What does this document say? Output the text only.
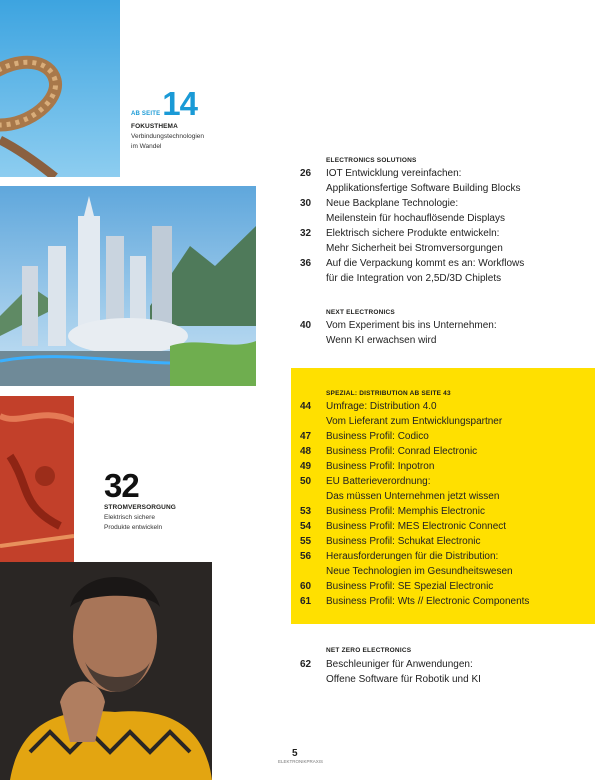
AB SEITE14
FOKUSTHEMA
Verbindungstechnologien
im Wandel
32
STROMVERSORGUNG
Elektrisch sichere
Produkte entwickeln
ELECTRONICS SOLUTIONS
26	IOT Entwicklung vereinfachen:
Applikationsfertige Software Building Blocks
30	Neue Backplane Technologie:
Meilenstein für hochauflösende Displays
32	Elektrisch sichere Produkte entwickeln:
Mehr Sicherheit bei Stromversorgungen
36	Auf die Verpackung kommt es an: Workflows
für die Integration von 2,5D/3D Chiplets
NEXT ELECTRONICS
40	Vom Experiment bis ins Unternehmen:
Wenn KI erwachsen wird
SPEZIAL: DISTRIBUTION AB SEITE 43
44	Umfrage: Distribution 4.0
Vom Lieferant zum Entwicklungspartner
47	Business Profil: Codico
48	Business Profil: Conrad Electronic
49	Business Profil: Inpotron
50	EU Batterieverordnung:
Das müssen Unternehmen jetzt wissen
53	Business Profil: Memphis Electronic
54	Business Profil: MES Electronic Connect
55	Business Profil: Schukat Electronic
56	Herausforderungen für die Distribution:
Neue Technologien im Gesundheitswesen
60	Business Profil: SE Spezial Electronic
61	Business Profil: Wts // Electronic Components
NET ZERO ELECTRONICS
62	Beschleuniger für Anwendungen:
Offene Software für Robotik und KI
5
ELEKTRONIKPRAXIS
